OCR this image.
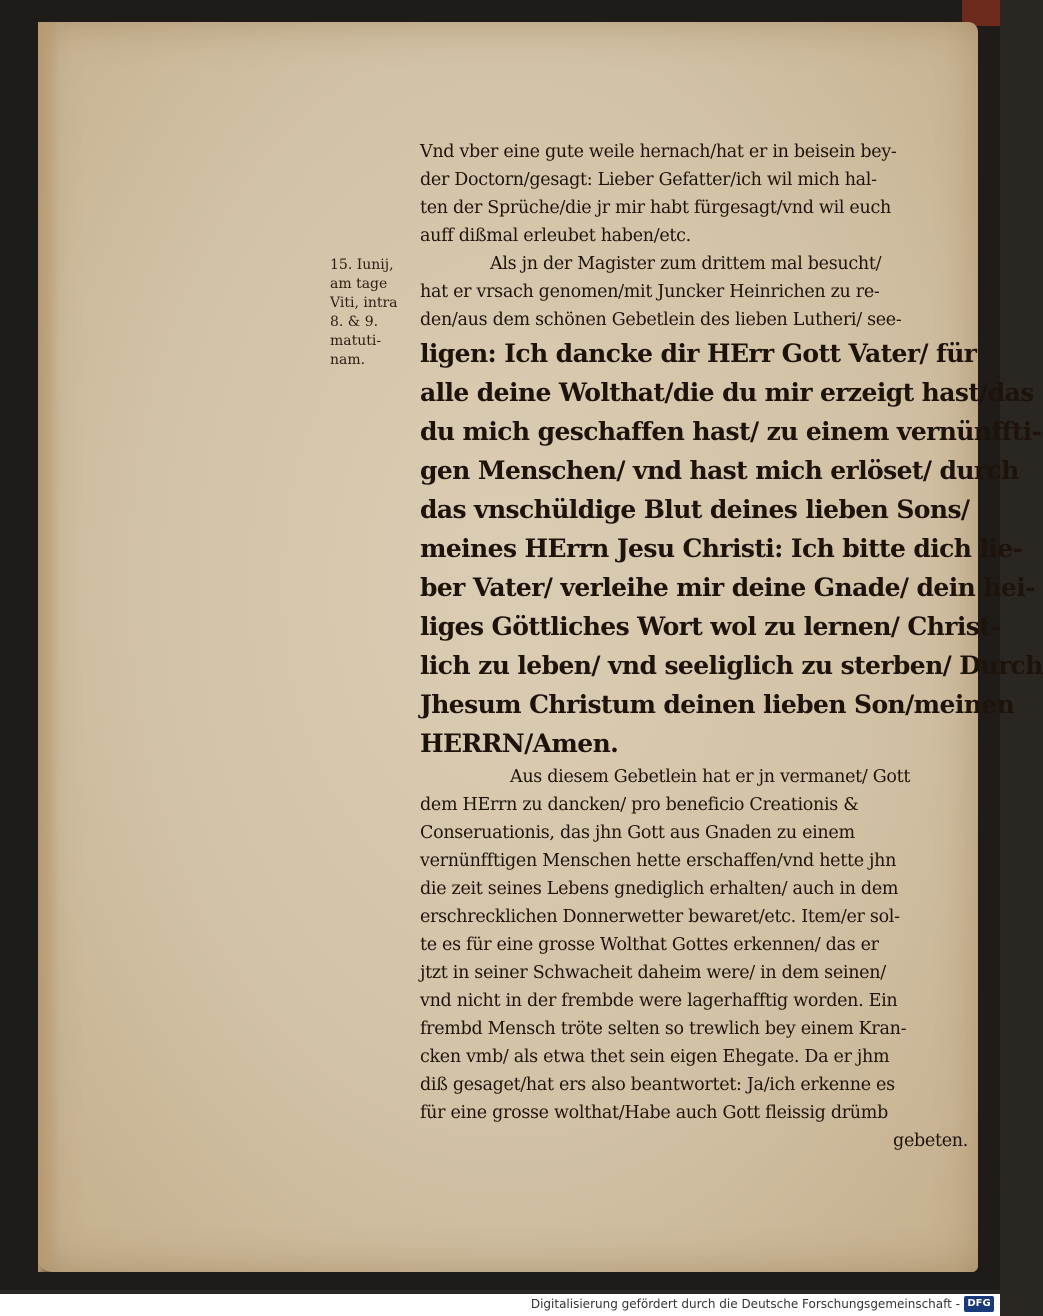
15. Iunij,
am tage
Viti, intra
8. & 9.
matuti-
nam.
Vnd vber eine gute weile hernach/hat er in beisein bey-
der Doctorn/gesagt: Lieber Gefatter/ich wil mich hal-
ten der Sprüche/die jr mir habt fürgesagt/vnd wil euch
auff dißmal erleubet haben/etc.
Als jn der Magister zum drittem mal besucht/
hat er vrsach genomen/mit Juncker Heinrichen zu re-
den/aus dem schönen Gebetlein des lieben Lutheri/ see-
ligen: Ich dancke dir HErr Gott Vater/ für
alle deine Wolthat/die du mir erzeigt hast/das
du mich geschaffen hast/ zu einem vernünffti-
gen Menschen/ vnd hast mich erlöset/ durch
das vnschüldige Blut deines lieben Sons/
meines HErrn Jesu Christi: Ich bitte dich lie-
ber Vater/ verleihe mir deine Gnade/ dein hei-
liges Göttliches Wort wol zu lernen/ Christ-
lich zu leben/ vnd seeliglich zu sterben/ Durch
Jhesum Christum deinen lieben Son/meinen
HERRN/Amen.
Aus diesem Gebetlein hat er jn vermanet/ Gott
dem HErrn zu dancken/ pro beneficio Creationis &
Conseruationis, das jhn Gott aus Gnaden zu einem
vernünfftigen Menschen hette erschaffen/vnd hette jhn
die zeit seines Lebens gnediglich erhalten/ auch in dem
erschrecklichen Donnerwetter bewaret/etc. Item/er sol-
te es für eine grosse Wolthat Gottes erkennen/ das er
jtzt in seiner Schwacheit daheim were/ in dem seinen/
vnd nicht in der frembde were lagerhafftig worden. Ein
frembd Mensch tröte selten so trewlich bey einem Kran-
cken vmb/ als etwa thet sein eigen Ehegate. Da er jhm
diß gesaget/hat ers also beantwortet: Ja/ich erkenne es
für eine grosse wolthat/Habe auch Gott fleissig drümb
gebeten.
Digitalisierung gefördert durch die Deutsche Forschungsgemeinschaft - DFG
